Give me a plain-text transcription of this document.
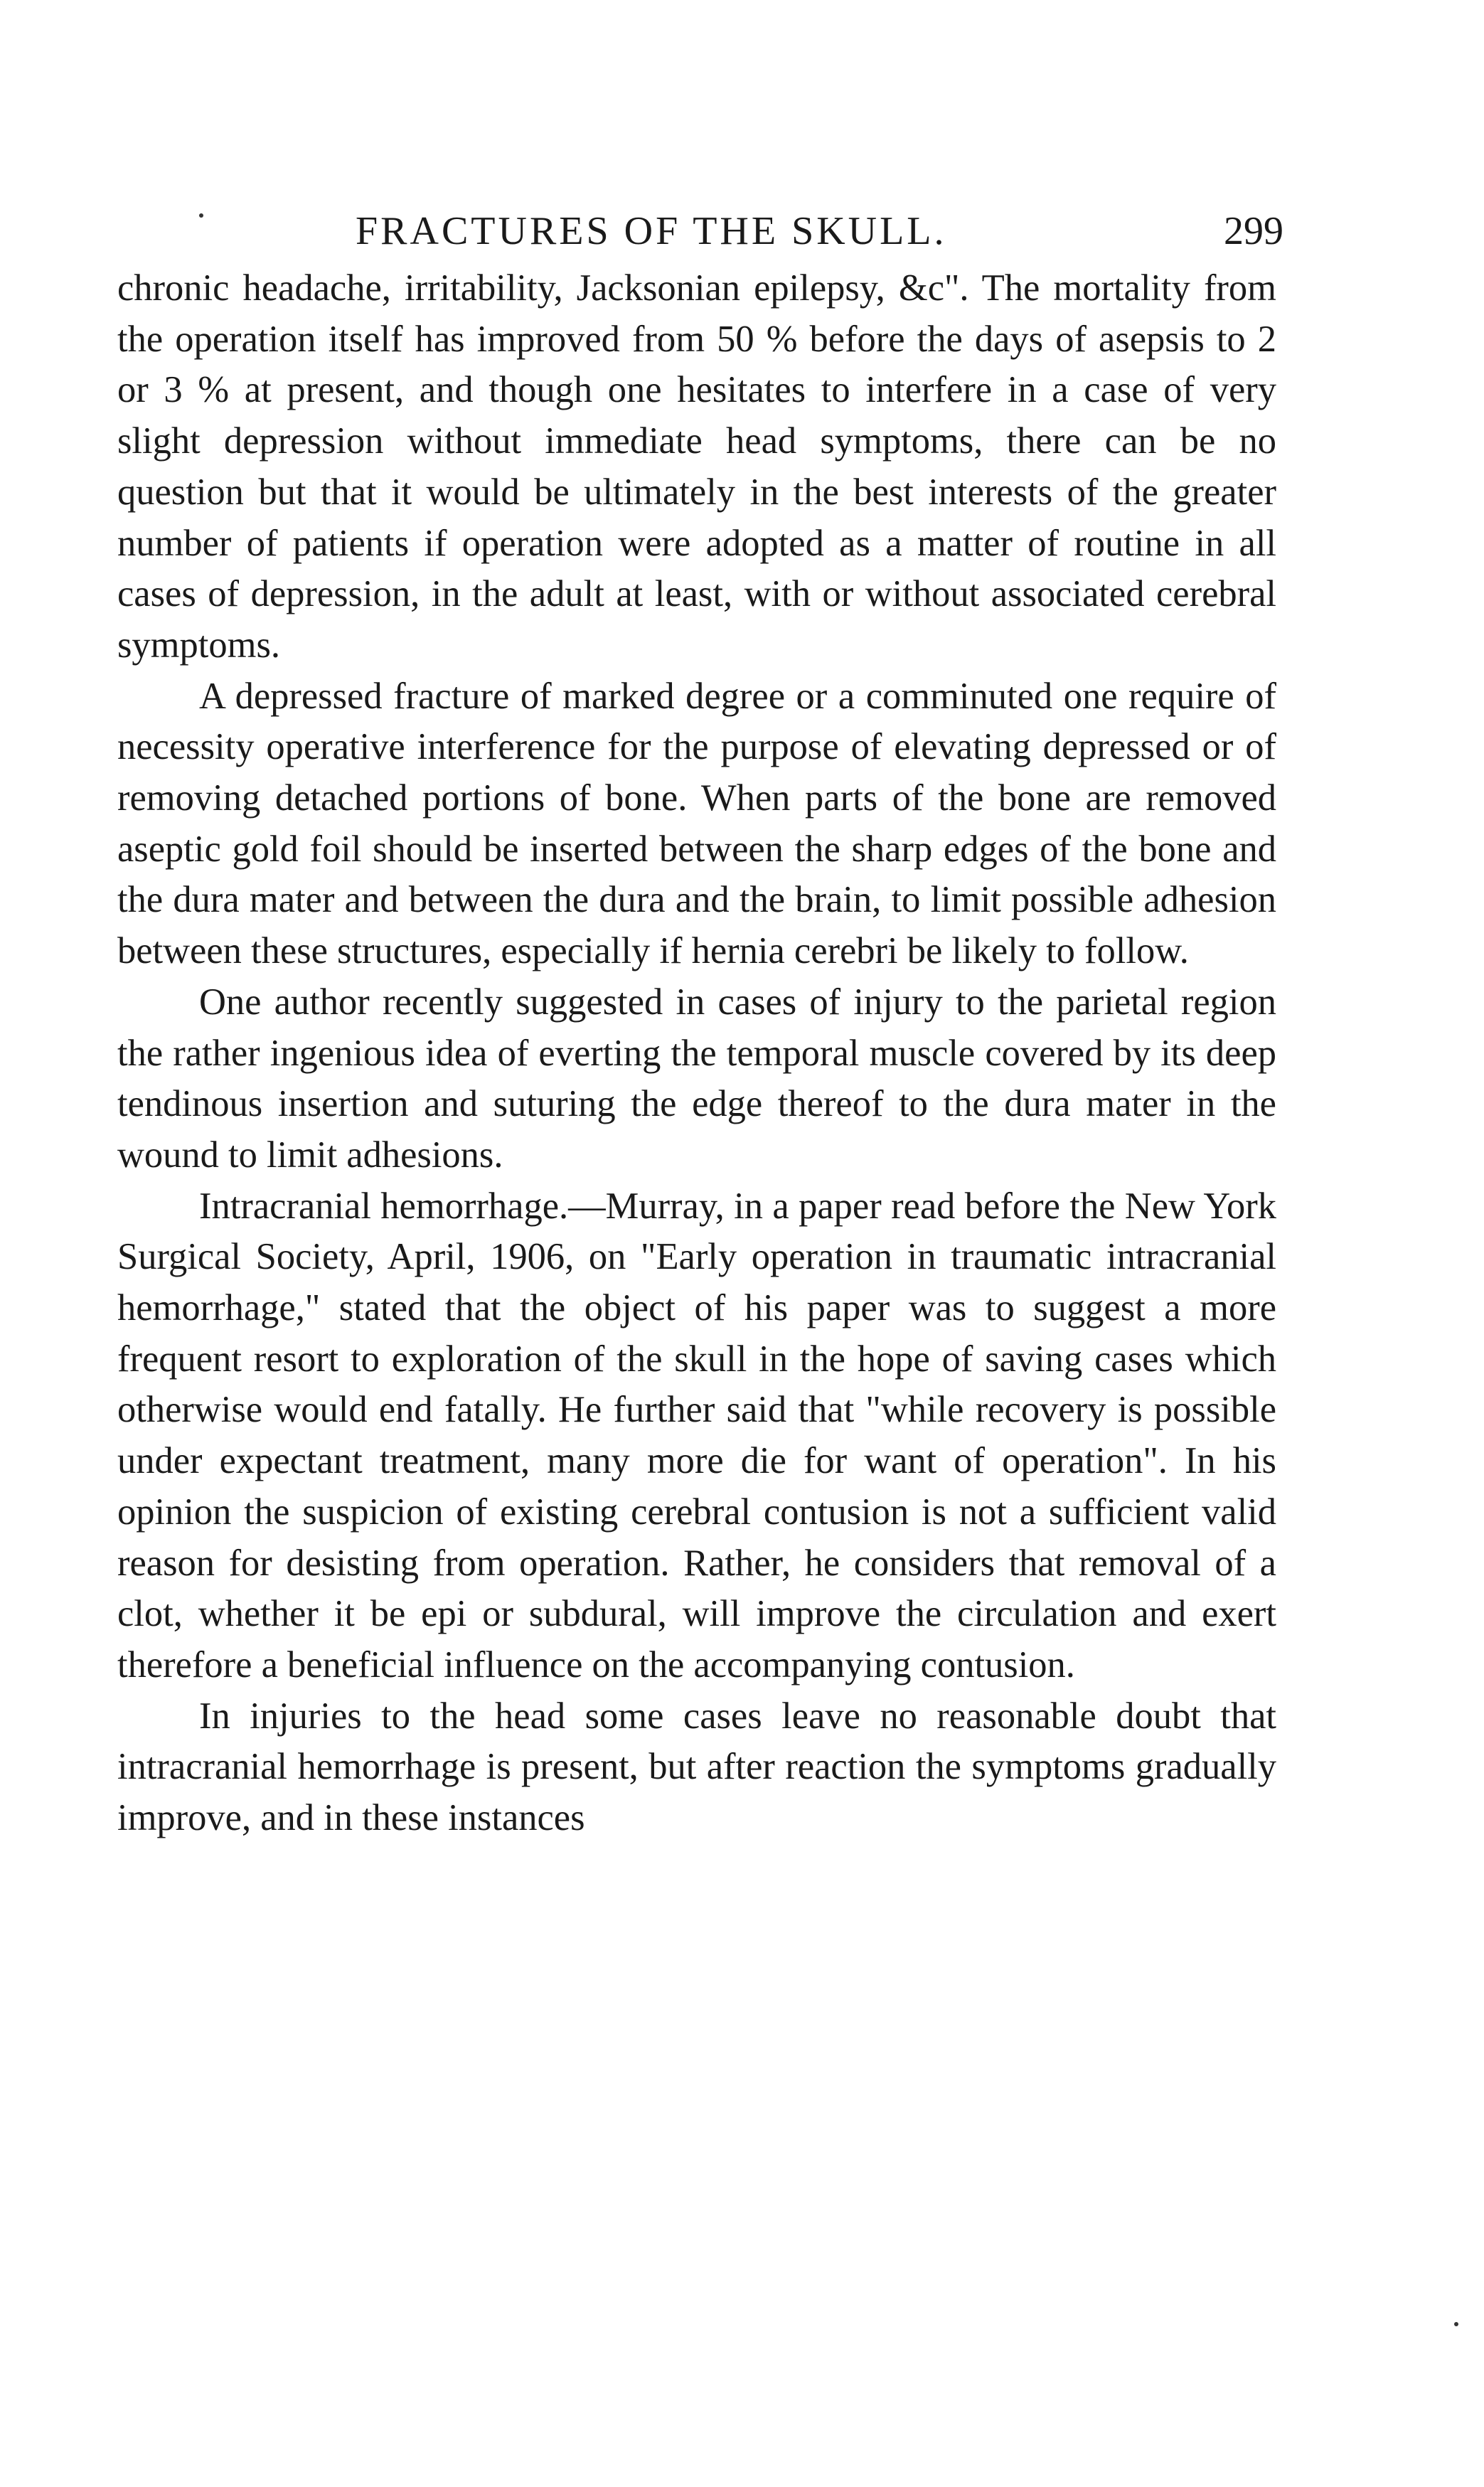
FRACTURES OF THE SKULL.	299

chronic headache, irritability, Jacksonian epilepsy, &c". The mortality from the operation itself has improved from 50 % before the days of asepsis to 2 or 3 % at present, and though one hesitates to interfere in a case of very slight depression without immediate head symptoms, there can be no question but that it would be ultimately in the best interests of the greater number of patients if operation were adopted as a matter of routine in all cases of depression, in the adult at least, with or without associated cerebral symptoms.

A depressed fracture of marked degree or a comminuted one require of necessity operative interference for the purpose of elevating depressed or of removing detached portions of bone. When parts of the bone are removed aseptic gold foil should be inserted between the sharp edges of the bone and the dura mater and between the dura and the brain, to limit possible adhesion between these structures, especially if hernia cerebri be likely to follow.

One author recently suggested in cases of injury to the parietal region the rather ingenious idea of everting the temporal muscle covered by its deep tendinous insertion and suturing the edge thereof to the dura mater in the wound to limit adhesions.

Intracranial hemorrhage.—Murray, in a paper read before the New York Surgical Society, April, 1906, on "Early operation in traumatic intracranial hemorrhage," stated that the object of his paper was to suggest a more frequent resort to exploration of the skull in the hope of saving cases which otherwise would end fatally. He further said that "while recovery is possible under expectant treatment, many more die for want of operation". In his opinion the suspicion of existing cerebral contusion is not a sufficient valid reason for desisting from operation. Rather, he considers that removal of a clot, whether it be epi or subdural, will improve the circulation and exert therefore a beneficial influence on the accompanying contusion.

In injuries to the head some cases leave no reasonable doubt that intracranial hemorrhage is present, but after reaction the symptoms gradually improve, and in these instances
